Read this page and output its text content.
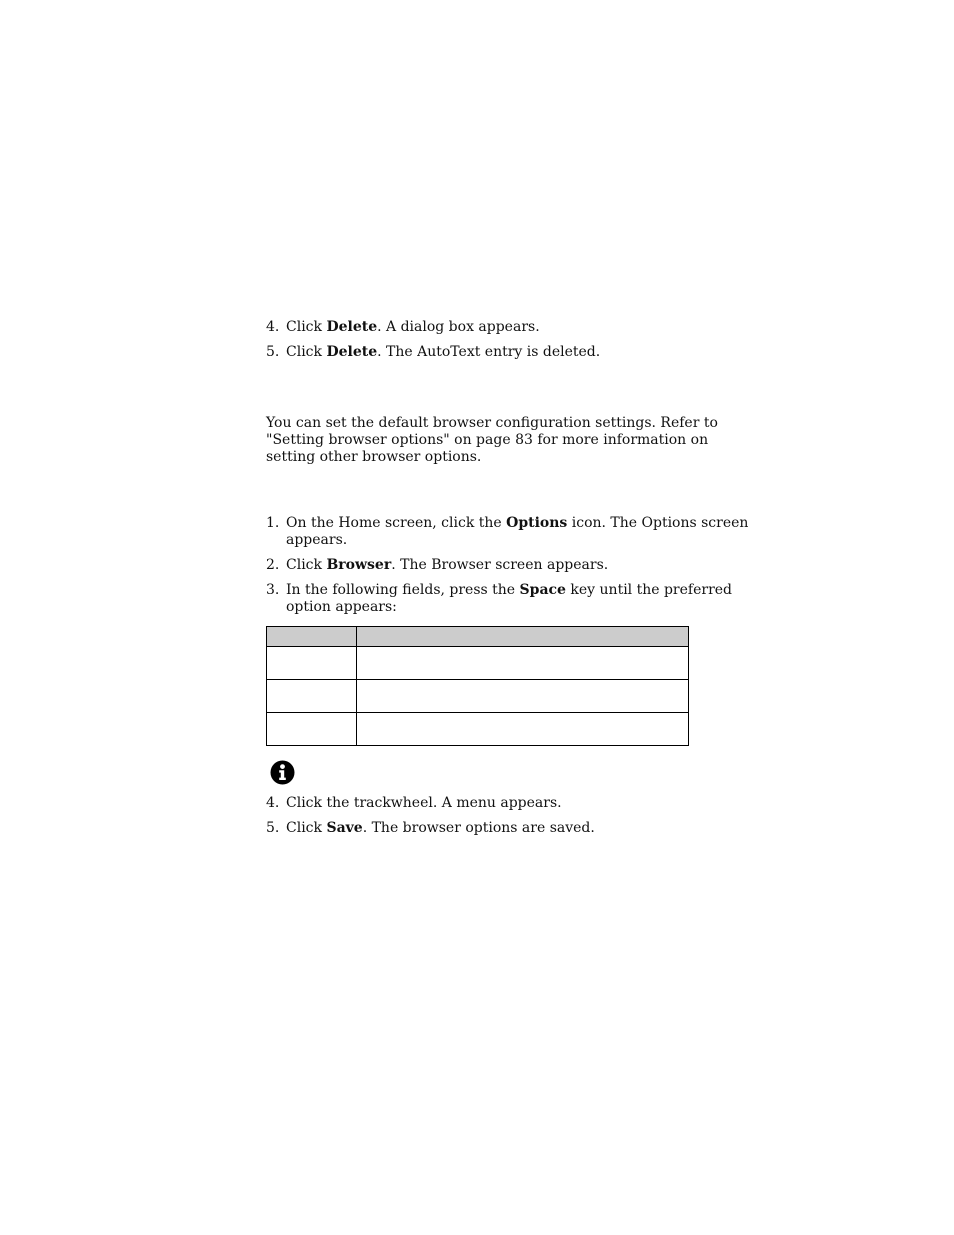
4. Click Delete. A dialog box appears.
5. Click Delete. The AutoText entry is deleted.
You can set the default browser configuration settings. Refer to
"Setting browser options" on page 83 for more information on
setting other browser options.
1. On the Home screen, click the Options icon. The Options screen
appears.
2. Click Browser. The Browser screen appears.
3. In the following fields, press the Space key until the preferred
option appears:

4. Click the trackwheel. A menu appears.
5. Click Save. The browser options are saved.
